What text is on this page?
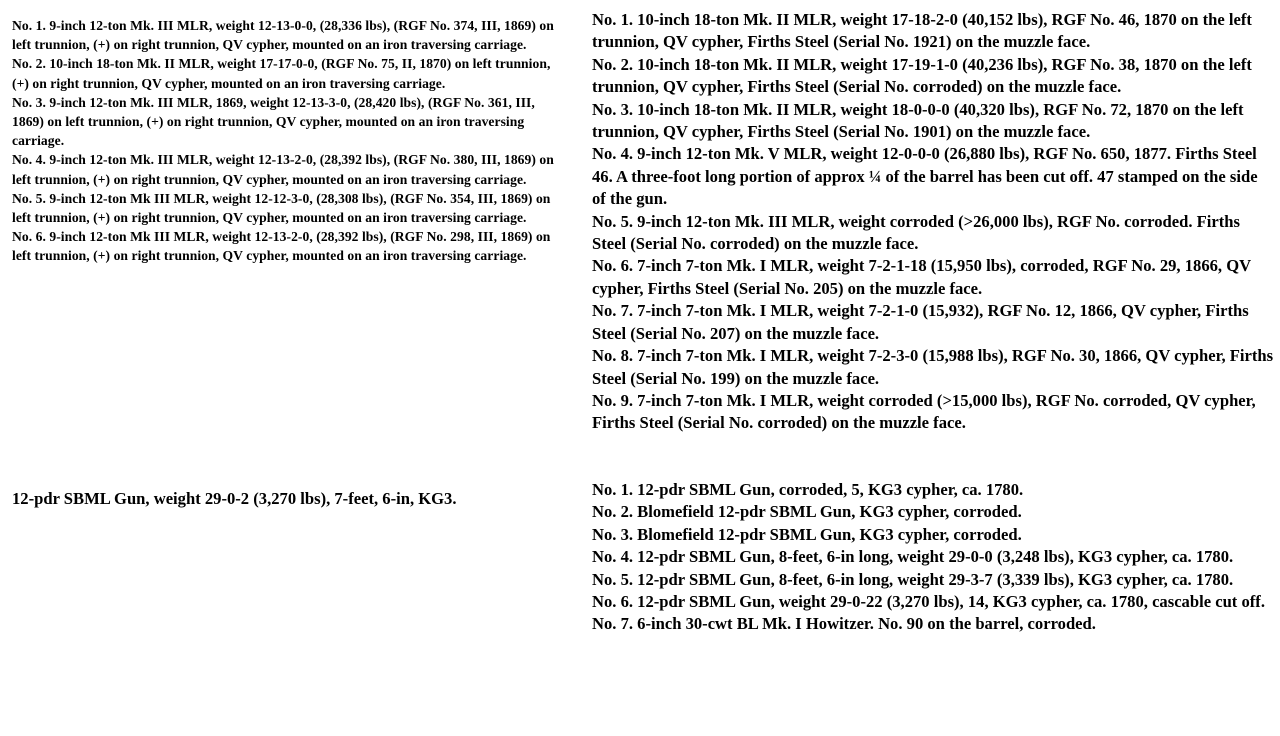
No. 1. 9-inch 12-ton Mk. III MLR, weight 12-13-0-0, (28,336 lbs), (RGF No. 374, III, 1869) on left trunnion, (+) on right trunnion, QV cypher, mounted on an iron traversing carriage.

No. 2. 10-inch 18-ton Mk. II MLR, weight 17-17-0-0, (RGF No. 75, II, 1870) on left trunnion, (+) on right trunnion, QV cypher, mounted on an iron traversing carriage.

No. 3. 9-inch 12-ton Mk. III MLR, 1869, weight 12-13-3-0, (28,420 lbs), (RGF No. 361, III, 1869) on left trunnion, (+) on right trunnion, QV cypher, mounted on an iron traversing carriage.

No. 4. 9-inch 12-ton Mk. III MLR, weight 12-13-2-0, (28,392 lbs), (RGF No. 380, III, 1869) on left trunnion, (+) on right trunnion, QV cypher, mounted on an iron traversing carriage.

No. 5. 9-inch 12-ton Mk III MLR, weight 12-12-3-0, (28,308 lbs), (RGF No. 354, III, 1869) on left trunnion, (+) on right trunnion, QV cypher, mounted on an iron traversing carriage.

No. 6. 9-inch 12-ton Mk III MLR, weight 12-13-2-0, (28,392 lbs), (RGF No. 298, III, 1869) on left trunnion, (+) on right trunnion, QV cypher, mounted on an iron traversing carriage.

No. 1. 10-inch 18-ton Mk. II MLR, weight 17-18-2-0 (40,152 lbs), RGF No. 46, 1870 on the left trunnion, QV cypher, Firths Steel (Serial No. 1921) on the muzzle face.

No. 2. 10-inch 18-ton Mk. II MLR, weight 17-19-1-0 (40,236 lbs), RGF No. 38, 1870 on the left trunnion, QV cypher, Firths Steel (Serial No. corroded) on the muzzle face.

No. 3. 10-inch 18-ton Mk. II MLR, weight 18-0-0-0 (40,320 lbs), RGF No. 72, 1870 on the left trunnion, QV cypher, Firths Steel (Serial No. 1901) on the muzzle face.

No. 4. 9-inch 12-ton Mk. V MLR, weight 12-0-0-0 (26,880 lbs), RGF No. 650, 1877. Firths Steel 46. A three-foot long portion of approx ¼ of the barrel has been cut off. 47 stamped on the side of the gun.

No. 5. 9-inch 12-ton Mk. III MLR, weight corroded (>26,000 lbs), RGF No. corroded. Firths Steel (Serial No. corroded) on the muzzle face.

No. 6. 7-inch 7-ton Mk. I MLR, weight 7-2-1-18 (15,950 lbs), corroded, RGF No. 29, 1866, QV cypher, Firths Steel (Serial No. 205) on the muzzle face.

No. 7. 7-inch 7-ton Mk. I MLR, weight 7-2-1-0 (15,932), RGF No. 12, 1866, QV cypher, Firths Steel (Serial No. 207) on the muzzle face.

No. 8. 7-inch 7-ton Mk. I MLR, weight 7-2-3-0 (15,988 lbs), RGF No. 30, 1866, QV cypher, Firths Steel (Serial No. 199) on the muzzle face.

No. 9. 7-inch 7-ton Mk. I MLR, weight corroded (>15,000 lbs), RGF No. corroded, QV cypher, Firths Steel (Serial No. corroded) on the muzzle face.

12-pdr SBML Gun, weight 29-0-2 (3,270 lbs), 7-feet, 6-in, KG3.	No. 1. 12-pdr SBML Gun, corroded, 5, KG3 cypher, ca. 1780.

No. 2. Blomefield 12-pdr SBML Gun, KG3 cypher, corroded.

No. 3. Blomefield 12-pdr SBML Gun, KG3 cypher, corroded.

No. 4. 12-pdr SBML Gun, 8-feet, 6-in long, weight 29-0-0 (3,248 lbs), KG3 cypher, ca. 1780.

No. 5. 12-pdr SBML Gun, 8-feet, 6-in long, weight 29-3-7 (3,339 lbs), KG3 cypher, ca. 1780.

No. 6. 12-pdr SBML Gun, weight 29-0-22 (3,270 lbs), 14, KG3 cypher, ca. 1780, cascable cut off.

No. 7. 6-inch 30-cwt BL Mk. I Howitzer. No. 90 on the barrel, corroded.
